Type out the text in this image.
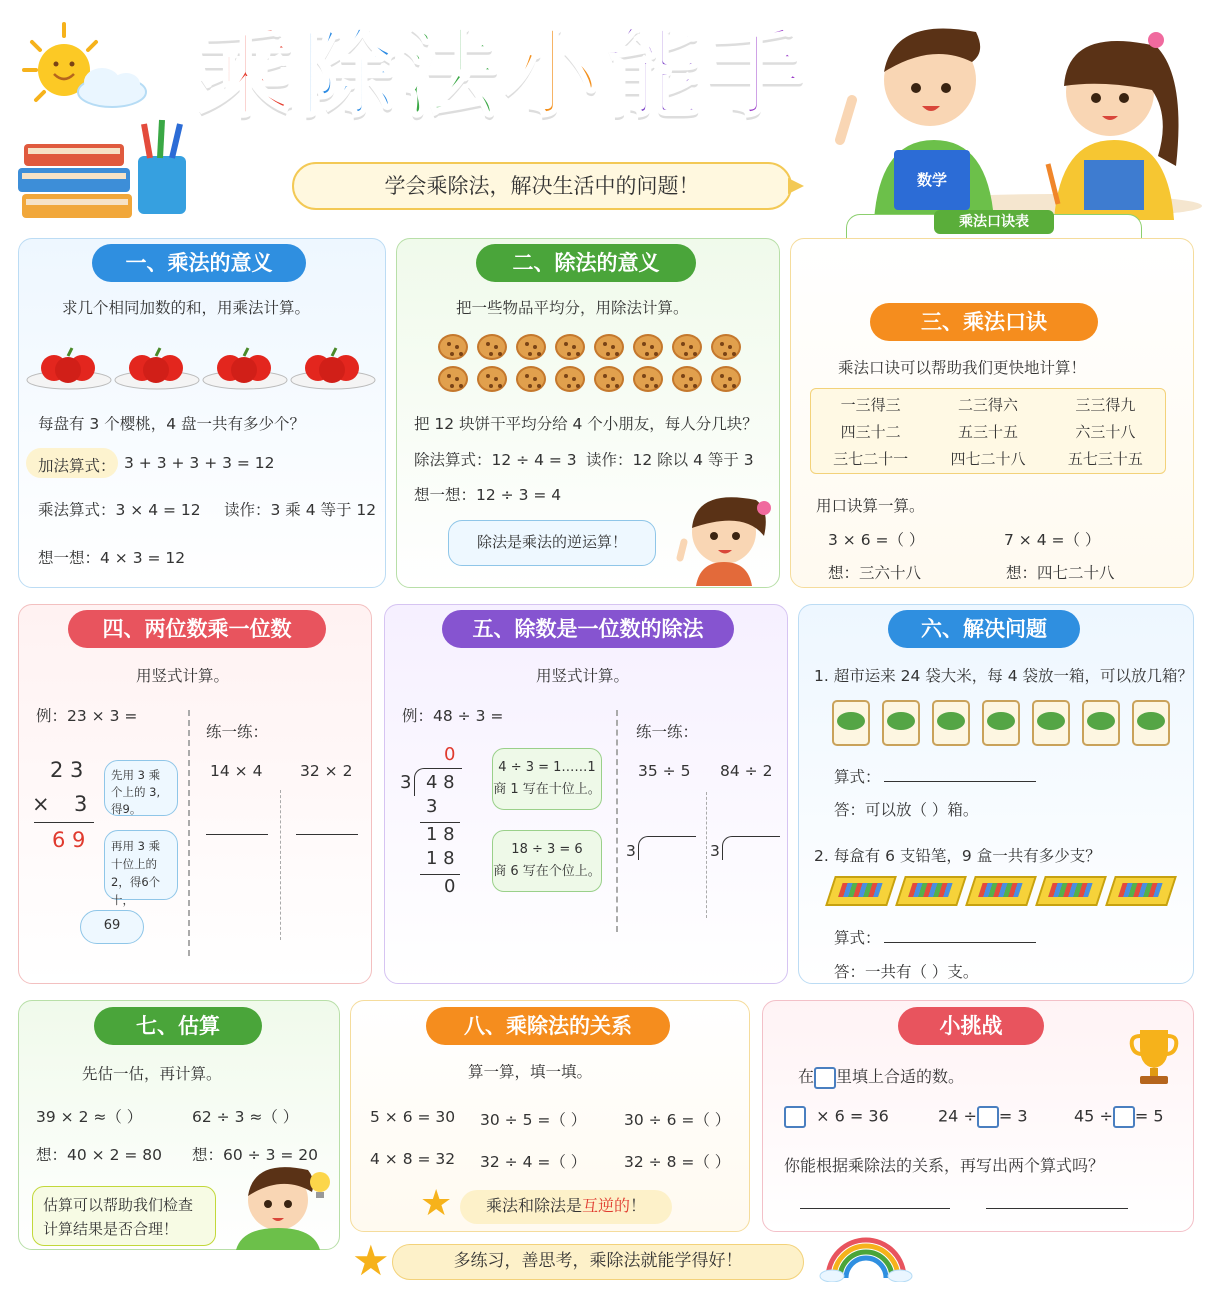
乘 除 法 小 能 手
学会乘除法，解决生活中的问题！	数学
乘法口诀表
一、乘法的意义
求几个相同加数的和，用乘法计算。
每盘有 3 个樱桃，4 盘一共有多少个？
加法算式： 3 + 3 + 3 + 3 = 12
乘法算式：3 × 4 = 12 读作：3 乘 4 等于 12
想一想：4 × 3 = 12
二、除法的意义
把一些物品平均分，用除法计算。
把 12 块饼干平均分给 4 个小朋友，每人分几块？
除法算式：12 ÷ 4 = 3 读作：12 除以 4 等于 3
想一想：12 ÷ 3 = 4
除法是乘法的逆运算！
三、乘法口诀
乘法口诀可以帮助我们更快地计算！
一三得三	二三得六	三三得九
四三十二	五三十五	六三十八
三七二十一	四七二十八	五七三十五
用口诀算一算。
3 × 6 =（ ）	7 × 4 =（ ）
想：三六十八	想：四七二十八
四、两位数乘一位数
用竖式计算。
例：23 × 3 =
2 3
× 3
6 9
先用 3 乘个上的 3, 得9。
再用 3 乘十位上的 2，得6个十，
69
练一练：
14 × 4 32 × 2
五、除数是一位数的除法
用竖式计算。
例：48 ÷ 3 =
0
3 4 8
3
1 8
1 8
0
4 ÷ 3 = 1……1
商 1 写在十位上。
18 ÷ 3 = 6
商 6 写在个位上。
练一练：
35 ÷ 5 84 ÷ 2
3	3
六、解决问题
1. 超市运来 24 袋大米，每 4 袋放一箱，可以放几箱？
算式：
答：可以放（ ）箱。
2. 每盒有 6 支铅笔，9 盒一共有多少支？
算式：
答：一共有（ ）支。
七、估算
先估一估，再计算。
39 × 2 ≈（ ）	62 ÷ 3 ≈（ ）
想：40 × 2 = 80 想：60 ÷ 3 = 20
估算可以帮助我们检查
计算结果是否合理！
八、乘除法的关系
算一算，填一填。
5 × 6 = 30 30 ÷ 5 =（ ） 30 ÷ 6 =（ ）
4 × 8 = 32 32 ÷ 4 =（ ） 32 ÷ 8 =（ ）
★	乘法和除法是互逆的！
小挑战
在 里填上合适的数。
× 6 = 36	24 ÷ = 3	45 ÷ = 5
你能根据乘除法的关系，再写出两个算式吗？
★	多练习，善思考，乘除法就能学得好！
